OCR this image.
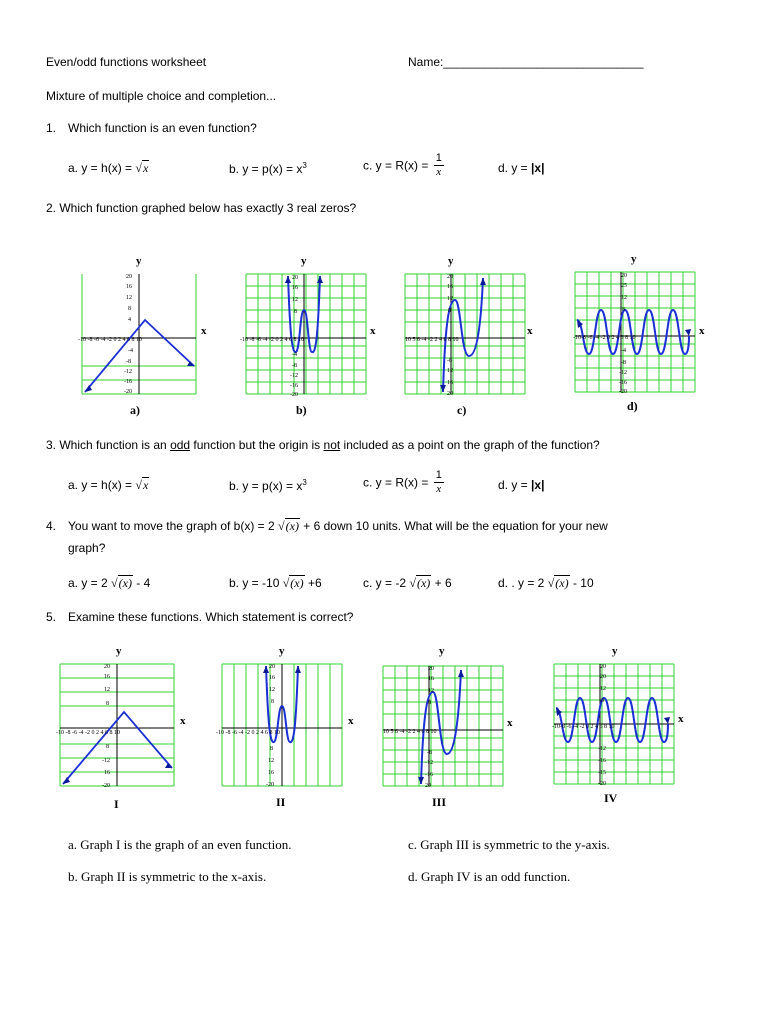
Even/odd functions worksheet	Name:______________________________
Mixture of multiple choice and completion...
1. Which function is an even function?
a. y = h(x) = √x	b. $y = p(x) = x^3$	c. $y = R(x) = \frac{1}{x}$	d. y = |x|
2. Which function graphed below has exactly 3 real zeros?
-10 -8 -6 -4 -2 0 2 4 6 8 10
20
16
12
8
4
-4
-8
-12
-16
-20
y
x
a)
-10 -8 -6 -4 -2 0 2 4 6 8 10
20
16
12
8
-4
-8
-12
-16
-20
y
x
b)
10 5 6 -4 -2 2 4 6 8 10
20
16
12
8
-8
12
16
20
y
x
c)
-10-8 -6 -4 -2 0 2 4 6 8 10
20
25
12
8
-4
-8
-12
-16
-20
y
x
d)
3. Which function is an odd function but the origin is not included as a point on the graph of the function?
a. y = h(x) = √x	b. $y = p(x) = x^3$	c. $y = R(x) = \frac{1}{x}$	d. y = |x|
4. You want to move the graph of b(x) = 2 √(x) + 6 down 10 units. What will be the equation for your new
graph?
a. y = 2 √(x) - 4	b. y = -10 √(x) +6	c. y = -2 √(x) + 6	d. . y = 2 √(x) - 10
5. Examine these functions. Which statement is correct?
-10 -8 -6 -4 -2 0 2 4 6 8 10
20
16
12
8
8
-12
16
-20
y
x
I
-10 -8 -6 -4 -2 0 2 4 6 8 10
20
16
12
8
8
12
16
-20
y
x
II
10 5 6 -4 -2 2 4 6 8 10
20
16
12
8
-8
-12
-16
20
y
x
III
-10-8 -6 -4 -2 0 2 4 6 8 10
20
20
12
8
-12
-16
-15
-20
y
x
IV
a. Graph I is the graph of an even function.	c. Graph III is symmetric to the y-axis.
b. Graph II is symmetric to the x-axis.	d. Graph IV is an odd function.
